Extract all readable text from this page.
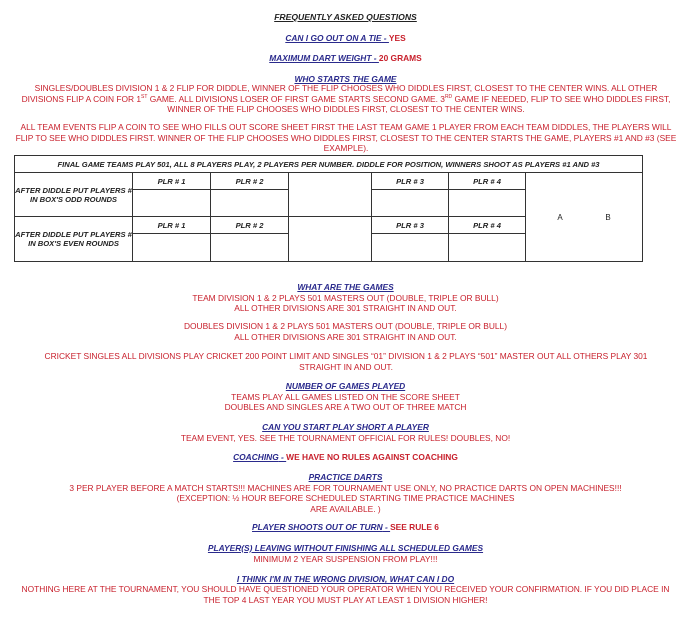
FREQUENTLY ASKED QUESTIONS
CAN I GO OUT ON A TIE - YES
MAXIMUM DART WEIGHT - 20 GRAMS
WHO STARTS THE GAME
SINGLES/DOUBLES DIVISION 1 & 2 FLIP FOR DIDDLE, WINNER OF THE FLIP CHOOSES WHO DIDDLES FIRST, CLOSEST TO THE CENTER WINS. ALL OTHER DIVISIONS FLIP A COIN FOR 1ST GAME. ALL DIVISIONS LOSER OF FIRST GAME STARTS SECOND GAME. 3RD GAME IF NEEDED, FLIP TO SEE WHO DIDDLES FIRST, WINNER OF THE FLIP CHOOSES WHO DIDDLES FIRST, CLOSEST TO THE CENTER WINS.
ALL TEAM EVENTS FLIP A COIN TO SEE WHO FILLS OUT SCORE SHEET FIRST THE LAST TEAM GAME 1 PLAYER FROM EACH TEAM DIDDLES, THE PLAYERS WILL FLIP TO SEE WHO DIDDLES FIRST. WINNER OF THE FLIP CHOOSES WHO DIDDLES FIRST, CLOSEST TO THE CENTER STARTS THE GAME, PLAYERS #1 AND #3 (SEE EXAMPLE).
FINAL GAME TEAMS PLAY 501, ALL 8 PLAYERS PLAY, 2 PLAYERS PER NUMBER. DIDDLE FOR POSITION, WINNERS SHOOT AS PLAYERS #1 AND #3						
AFTER DIDDLE PUT PLAYERS # IN BOX'S ODD ROUNDS	PLR # 1	PLR # 2		PLR # 3	PLR # 4	A B

AFTER DIDDLE PUT PLAYERS # IN BOX'S EVEN ROUNDS	PLR # 1	PLR # 2		PLR # 3	PLR # 4	

WHAT ARE THE GAMES
TEAM DIVISION 1 & 2 PLAYS 501 MASTERS OUT (DOUBLE, TRIPLE OR BULL)
ALL OTHER DIVISIONS ARE 301 STRAIGHT IN AND OUT.
DOUBLES DIVISION 1 & 2 PLAYS 501 MASTERS OUT (DOUBLE, TRIPLE OR BULL)
ALL OTHER DIVISIONS ARE 301 STRAIGHT IN AND OUT.
CRICKET SINGLES ALL DIVISIONS PLAY CRICKET 200 POINT LIMIT AND SINGLES “01” DIVISION 1 & 2 PLAYS “501” MASTER OUT ALL OTHERS PLAY 301 STRAIGHT IN AND OUT.
NUMBER OF GAMES PLAYED
TEAMS PLAY ALL GAMES LISTED ON THE SCORE SHEET
DOUBLES AND SINGLES ARE A TWO OUT OF THREE MATCH
CAN YOU START PLAY SHORT A PLAYER
TEAM EVENT, YES. SEE THE TOURNAMENT OFFICIAL FOR RULES! DOUBLES, NO!
COACHING - WE HAVE NO RULES AGAINST COACHING
PRACTICE DARTS
3 PER PLAYER BEFORE A MATCH STARTS!!! MACHINES ARE FOR TOURNAMENT USE ONLY, NO PRACTICE DARTS ON OPEN MACHINES!!!
(EXCEPTION: ½ HOUR BEFORE SCHEDULED STARTING TIME PRACTICE MACHINES
ARE AVAILABLE. )
PLAYER SHOOTS OUT OF TURN - SEE RULE 6
PLAYER(S) LEAVING WITHOUT FINISHING ALL SCHEDULED GAMES
MINIMUM 2 YEAR SUSPENSION FROM PLAY!!!
I THINK I'M IN THE WRONG DIVISION, WHAT CAN I DO
NOTHING HERE AT THE TOURNAMENT, YOU SHOULD HAVE QUESTIONED YOUR OPERATOR WHEN YOU RECEIVED YOUR CONFIRMATION. IF YOU DID PLACE IN THE TOP 4 LAST YEAR YOU MUST PLAY AT LEAST 1 DIVISION HIGHER!
